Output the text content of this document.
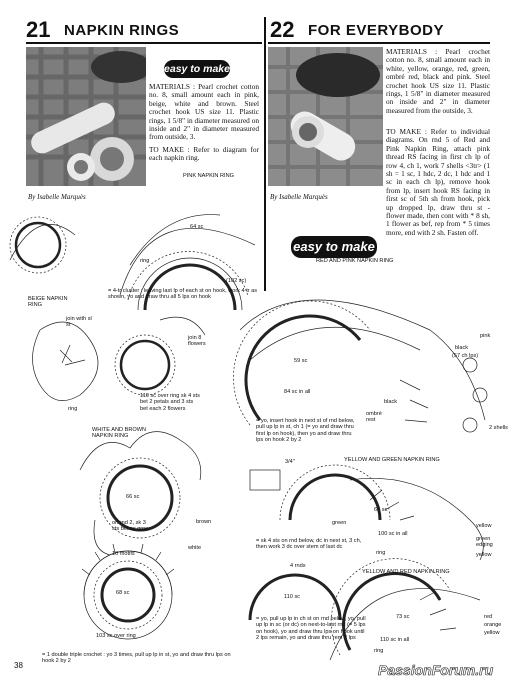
21 NAPKIN RINGS	22 FOR EVERYBODY
easy to make
MATERIALS : Pearl crochet cotton no. 8, small amount each in pink, beige, white and brown. Steel crochet hook US size 11. Plastic rings, 1 5/8" in diameter measured on inside and 2" in diameter measured from outside, 3.
TO MAKE : Refer to diagram for each napkin ring.
By Isabelle Marquès
MATERIALS : Pearl crochet cotton no. 8, small amount each in white, yellow, orange, red, green, ombré red, black and pink. Steel crochet hook US size 11. Plastic rings, 1 5/8" in diameter measured on inside and 2" in diameter measured from the outside, 3.
TO MAKE : Refer to individual diagrams. On rnd 5 of Red and Pink Napkin Ring, attach pink thread RS facing in first ch lp of row 4, ch 1, work 7 shells <3tr> (1 sh = 1 sc, 1 hdc, 2 dc, 1 hdc and 1 sc in each ch lp), remove hook from lp, insert hook RS facing in first sc of 5th sh from hook, pick up dropped lp, draw thru st - flower made, then cont with * 8 sh, 1 flower as bef, rep from * 5 times more, end with 2 sh. Fasten off.
By Isabelle Marquès
easy to make
PINK NAPKIN RING
64 sc
ring
(102 sc)
= 4-tr cluster : leaving last lp of each st on hook, work 4 tr as shown, yo and draw thru all 5 lps on hook
BEIGE NAPKIN RING
join with sl st
join 8 flowers
ring
110 sc over ring sk 4 sts bet 2 petals and 3 sts bet each 2 flowers
WHITE AND BROWN NAPKIN RING
66 sc
on rnd 2, sk 3 sts bet sc grps
brown
white
10 motifs
68 sc
103 sc over ring
= 1 double triple crochet : yo 3 times, pull up lp in st, yo and draw thru lps on hook 2 by 2
38
RED AND PINK NAPKIN RING
pink
black
(57 ch lps)
59 sc
84 sc in all
black
ombré rest
2 shells
= yo, insert hook in next st of rnd below, pull up lp in st, ch 1 (= yo and draw thru first lp on hook), then yo and draw thru lps on hook 2 by 2
3/4"	YELLOW AND GREEN NAPKIN RING
66 sc
green
100 sc in all
ring
yellow
green edging
yellow
= sk 4 sts on rnd below, dc in next st, 3 ch, then work 3 dc over stem of last dc
4 rnds
YELLOW AND RED NAPKIN RING
110 sc
73 sc	red
orange
yellow
110 sc in all
ring
= yo, pull up lp in ch st on rnd below, yo, pull up lp in sc (or dc) on next-to-last rnd (= 5 lps on hook), yo and draw thru lps on hook until 2 lps remain, yo and draw thru rem 2 lps
PassionForum.ru
